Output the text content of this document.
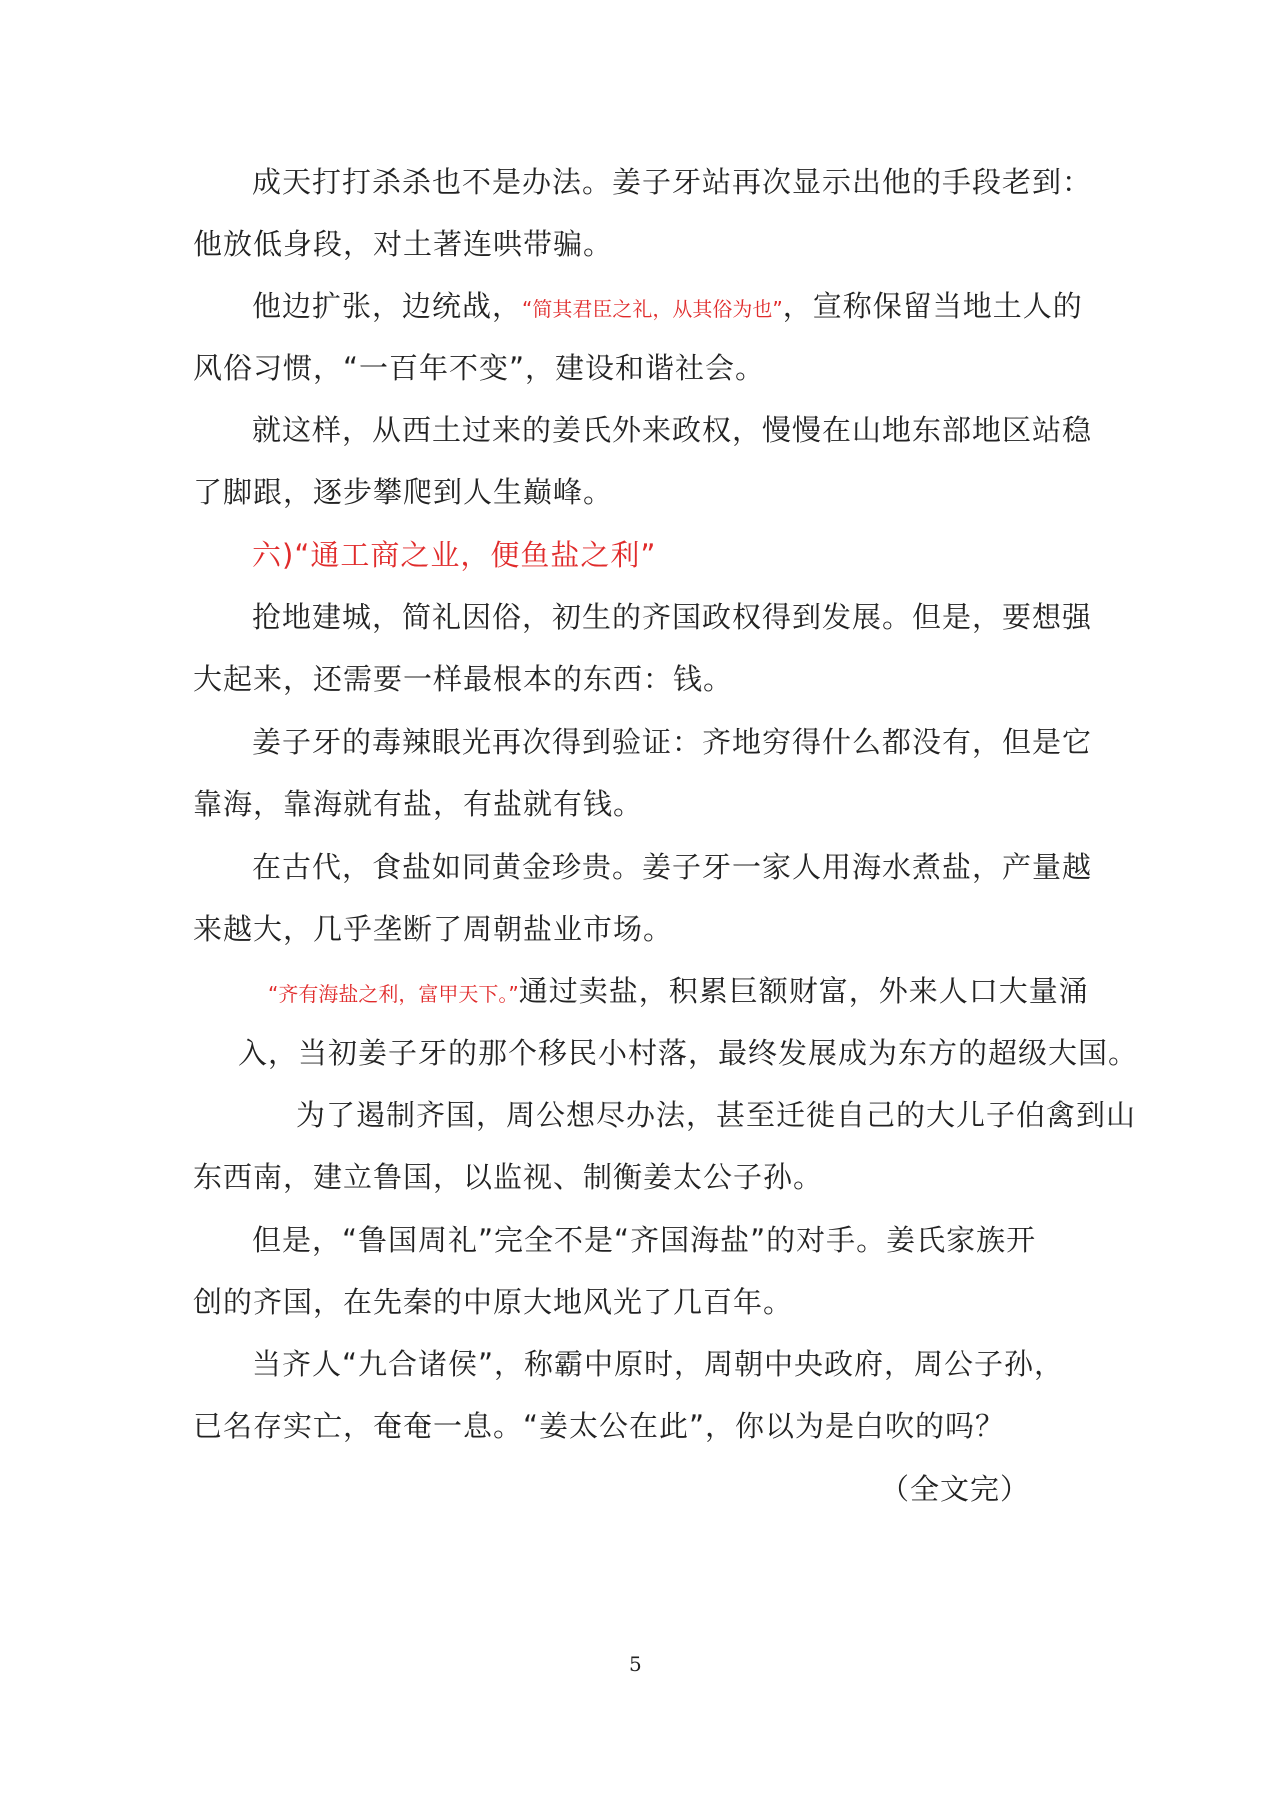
成天打打杀杀也不是办法。姜子牙站再次显示出他的手段老到：
他放低身段，对土著连哄带骗。
他边扩张，边统战，“简其君臣之礼，从其俗为也”，宣称保留当地土人的
风俗习惯，“一百年不变”，建设和谐社会。
就这样，从西土过来的姜氏外来政权，慢慢在山地东部地区站稳
了脚跟，逐步攀爬到人生巅峰。
六)“通工商之业，便鱼盐之利”
抢地建城，简礼因俗，初生的齐国政权得到发展。但是，要想强
大起来，还需要一样最根本的东西：钱。
姜子牙的毒辣眼光再次得到验证：齐地穷得什么都没有，但是它
靠海，靠海就有盐，有盐就有钱。
在古代，食盐如同黄金珍贵。姜子牙一家人用海水煮盐，产量越
来越大，几乎垄断了周朝盐业市场。
“齐有海盐之利，富甲天下。”通过卖盐，积累巨额财富，外来人口大量涌
入，当初姜子牙的那个移民小村落，最终发展成为东方的超级大国。
为了遏制齐国，周公想尽办法，甚至迁徙自己的大儿子伯禽到山
东西南，建立鲁国，以监视、制衡姜太公子孙。
但是，“鲁国周礼”完全不是“齐国海盐”的对手。姜氏家族开
创的齐国，在先秦的中原大地风光了几百年。
当齐人“九合诸侯”，称霸中原时，周朝中央政府，周公子孙，
已名存实亡，奄奄一息。“姜太公在此”，你以为是白吹的吗？
（全文完）
5
